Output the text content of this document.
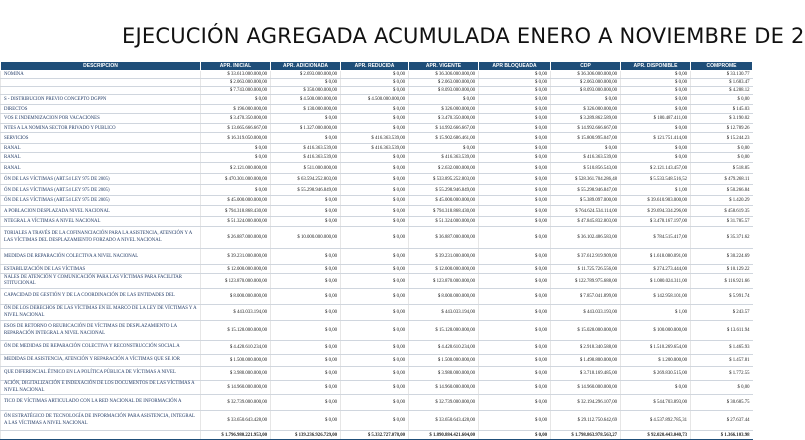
EJECUCIÓN AGREGADA ACUMULADA ENERO A NOVIEMBRE DE 2
DESCRIPCION	APR. INICIAL	APR. ADICIONADA	APR. REDUCIDA	APR. VIGENTE	APR BLOQUEADA	CDP	APR. DISPONIBLE	COMPROME
NOMINA	$ 33.613.000.000,00	$ 2.693.000.000,00	$ 0,00	$ 36.306.000.000,00	$ 0,00	$ 36.306.000.000,00	$ 0,00	$ 33.130.77
	$ 2.063.000.000,00	$ 0,00	$ 0,00	$ 2.063.000.000,00	$ 0,00	$ 2.063.000.000,00	$ 0,00	$ 1.683.47
	$ 7.743.000.000,00	$ 350.000.000,00	$ 0,00	$ 8.093.000.000,00	$ 0,00	$ 8.093.000.000,00	$ 0,00	$ 4.288.12
S - DISTRIBUCION PREVIO CONCEPTO DGPPN	$ 0,00	$ 4.500.000.000,00	$ 4.500.000.000,00	$ 0,00	$ 0,00	$ 0,00	$ 0,00	$ 0,00
DIRECTOS	$ 196.000.000,00	$ 130.000.000,00	$ 0,00	$ 326.000.000,00	$ 0,00	$ 326.000.000,00	$ 0,00	$ 145.03
VOS E INDEMNIZACION POR VACACIONES	$ 3.470.350.000,00	$ 0,00	$ 0,00	$ 3.470.350.000,00	$ 0,00	$ 3.289.862.589,00	$ 180.487.411,00	$ 3.190.02
NTES A LA NOMINA SECTOR PRIVADO Y PUBLICO	$ 13.665.666.667,00	$ 1.327.000.000,00	$ 0,00	$ 14.992.666.667,00	$ 0,00	$ 14.992.666.667,00	$ 0,00	$ 12.789.26
SERVICIOS	$ 16.319.050.000,00	$ 0,00	$ 416.363.539,00	$ 15.902.686.461,00	$ 0,00	$ 15.800.995.047,00	$ 121.751.414,00	$ 15.244.23
RANAL	$ 0,00	$ 416.363.539,00	$ 416.363.539,00	$ 0,00	$ 0,00	$ 0,00	$ 0,00	$ 0,00
RANAL	$ 0,00	$ 416.363.539,00	$ 0,00	$ 416.363.539,00	$ 0,00	$ 416.363.539,00	$ 0,00	$ 0,00
RANAL	$ 2.121.000.000,00	$ 511.000.000,00	$ 0,00	$ 2.632.000.000,00	$ 0,00	$ 510.856.543,00	$ 2.121.143.457,00	$ 518.85
ÓN DE LAS VÍCTIMAS (ART.54 LEY 975 DE 2005)	$ 470.301.000.000,00	$ 63.594.252.803,00	$ 0,00	$ 533.895.252.803,00	$ 0,00	$ 528.361.704.286,48	$ 5.533.548.516,52	$ 479.268.11
ÓN DE LAS VÍCTIMAS (ART.54 LEY 975 DE 2005)	$ 0,00	$ 55.298.946.849,00	$ 0,00	$ 55.298.946.849,00	$ 0,00	$ 55.298.946.847,00	$ 1,00	$ 50.266.84
ÓN DE LAS VÍCTIMAS (ART.54 LEY 975 DE 2005)	$ 45.000.000.000,00	$ 0,00	$ 0,00	$ 45.000.000.000,00	$ 0,00	$ 5.389.097.000,00	$ 39.610.903.000,00	$ 1.420.29
A POBLACION DESPLAZADA NIVEL NACIONAL	$ 794.318.868.430,00	$ 0,00	$ 0,00	$ 794.318.868.430,00	$ 0,00	$ 764.624.534.114,00	$ 29.694.334.296,00	$ 458.619.35
NTEGRAL A VÍCTIMAS A NIVEL NACIONAL	$ 51.324.000.000,00	$ 0,00	$ 0,00	$ 51.324.000.000,00	$ 0,00	$ 47.845.832.803,00	$ 3.478.167.197,00	$ 31.785.57
TORIALES A TRAVÉS DE LA COFINANCIACIÓN PARA LA ASISTENCIA, ATENCIÓN Y A LAS VÍCTIMAS DEL DESPLAZAMIENTO FORZADO A NIVEL NACIONAL	$ 26.887.000.000,00	$ 10.000.000.000,00	$ 0,00	$ 36.887.000.000,00	$ 0,00	$ 36.102.486.583,00	$ 784.515.417,00	$ 35.371.62
MEDIDAS DE REPARACIÓN COLECTIVA A NIVEL NACIONAL	$ 39.231.000.000,00	$ 0,00	$ 0,00	$ 39.231.000.000,00	$ 0,00	$ 37.612.919.909,00	$ 1.618.080.091,00	$ 30.224.69
ESTABILIZACIÓN DE LAS VÍCTIMAS	$ 12.000.000.000,00	$ 0,00	$ 0,00	$ 12.000.000.000,00	$ 0,00	$ 11.725.726.556,00	$ 274.273.444,00	$ 10.129.22
NALES DE ATENCIÓN Y COMUNICACIÓN PARA LAS VÍCTIMAS PARA FACILITAR STITUCIONAL	$ 123.870.000.000,00	$ 0,00	$ 0,00	$ 123.870.000.000,00	$ 0,00	$ 122.789.975.688,00	$ 1.080.024.311,00	$ 116.921.66
CAPACIDAD DE GESTIÓN Y DE LA COORDINACIÓN DE LAS ENTIDADES DEL	$ 8.000.000.000,00	$ 0,00	$ 0,00	$ 8.000.000.000,00	$ 0,00	$ 7.857.041.899,00	$ 142.958.101,00	$ 5.991.74
ÓN DE LOS DERECHOS DE LAS VÍCTIMAS EN EL MARCO DE LA LEY DE VÍCTIMAS Y A NIVEL NACIONAL	$ 443.033.194,00	$ 0,00	$ 0,00	$ 443.033.194,00	$ 0,00	$ 443.033.193,00	$ 1,00	$ 243.57
ESOS DE RETORNO O REUBICACIÓN DE VÍCTIMAS DE DESPLAZAMIENTO LA REPARACIÓN INTEGRAL A NIVEL NACIONAL	$ 15.128.000.000,00	$ 0,00	$ 0,00	$ 15.128.000.000,00	$ 0,00	$ 15.028.000.000,00	$ 100.000.000,00	$ 13.611.94
ÓN DE MEDIDAS DE REPARACIÓN COLECTIVA Y RECONSTRUCCIÓN SOCIAL A	$ 4.428.610.234,00	$ 0,00	$ 0,00	$ 4.428.610.234,00	$ 0,00	$ 2.918.340.588,00	$ 1.510.269.654,00	$ 1.465.93
MEDIDAS DE ASISTENCIA, ATENCIÓN Y REPARACIÓN A VÍCTIMAS QUE SE IOR	$ 1.500.000.000,00	$ 0,00	$ 0,00	$ 1.500.000.000,00	$ 0,00	$ 1.498.800.000,00	$ 1.200.000,00	$ 1.457.81
QUE DIFERENCIAL ÉTNICO EN LA POLÍTICA PÚBLICA DE VÍCTIMAS A NIVEL	$ 3.988.000.000,00	$ 0,00	$ 0,00	$ 3.988.000.000,00	$ 0,00	$ 3.718.169.485,00	$ 269.830.515,00	$ 1.772.55
ACIÓN, DIGITALIZACIÓN E INDEXACIÓN DE LOS DOCUMENTOS DE LAS VÍCTIMAS A NIVEL NACIONAL	$ 14.960.000.000,00	$ 0,00	$ 0,00	$ 14.960.000.000,00	$ 0,00	$ 14.960.000.000,00	$ 0,00	$ 0,00
TICO DE VÍCTIMAS ARTICULADO CON LA RED NACIONAL DE INFORMACIÓN A	$ 32.739.000.000,00	$ 0,00	$ 0,00	$ 32.739.000.000,00	$ 0,00	$ 32.194.296.107,00	$ 544.703.893,00	$ 30.685.75
ÓN ESTRATÉGICO DE TECNOLOGÍA DE INFORMACIÓN PARA ASISTENCIA, INTEGRAL A LAS VÍCTIMAS A NIVEL NACIONAL	$ 33.650.643.428,00	$ 0,00	$ 0,00	$ 33.650.643.428,00	$ 0,00	$ 29.112.750.642,69	$ 4.537.892.785,31	$ 27.637.44
	$ 1.796.980.221.953,00	$ 139.236.926.729,00	$ 5.332.727.078,00	$ 1.890.884.421.604,00	$ 0,00	$ 1.798.863.978.563,27	$ 92.020.443.040,73	$ 1.366.103.98
